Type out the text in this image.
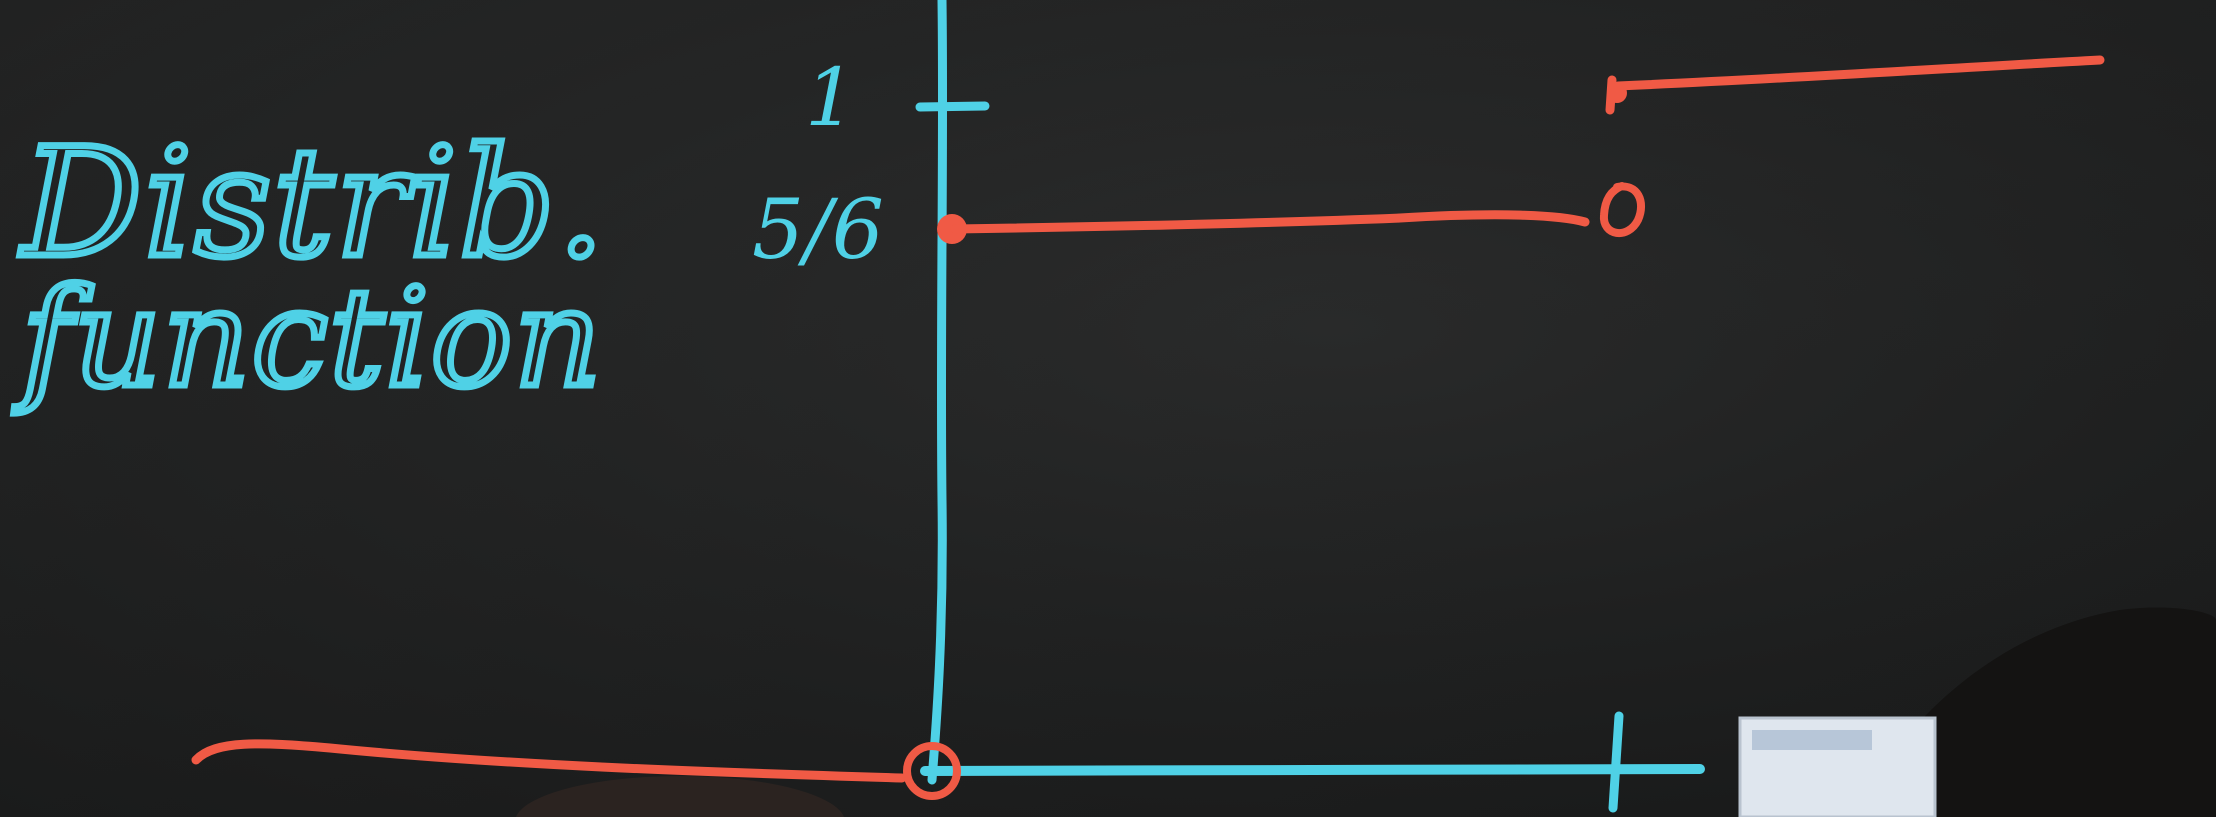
Distrib.
function
1
5/6
